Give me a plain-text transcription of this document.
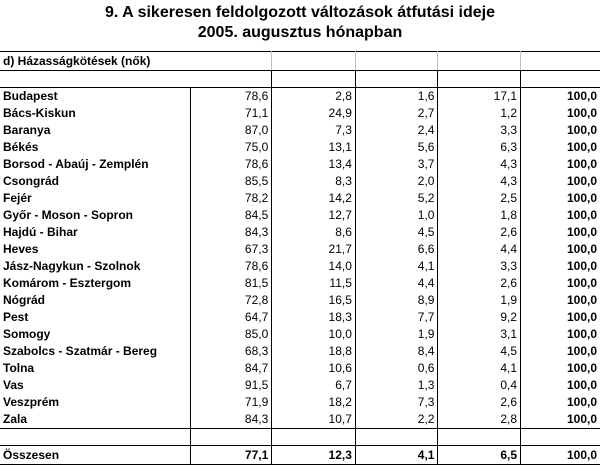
9. A sikeresen feldolgozott változások átfutási ideje
2005. augusztus hónapban
d) Házasságkötések (nők)					

Budapest	78,6	2,8	1,6	17,1	100,0
Bács-Kiskun	71,1	24,9	2,7	1,2	100,0
Baranya	87,0	7,3	2,4	3,3	100,0
Békés	75,0	13,1	5,6	6,3	100,0
Borsod - Abaúj - Zemplén	78,6	13,4	3,7	4,3	100,0
Csongrád	85,5	8,3	2,0	4,3	100,0
Fejér	78,2	14,2	5,2	2,5	100,0
Győr - Moson - Sopron	84,5	12,7	1,0	1,8	100,0
Hajdú - Bihar	84,3	8,6	4,5	2,6	100,0
Heves	67,3	21,7	6,6	4,4	100,0
Jász-Nagykun - Szolnok	78,6	14,0	4,1	3,3	100,0
Komárom - Esztergom	81,5	11,5	4,4	2,6	100,0
Nógrád	72,8	16,5	8,9	1,9	100,0
Pest	64,7	18,3	7,7	9,2	100,0
Somogy	85,0	10,0	1,9	3,1	100,0
Szabolcs - Szatmár - Bereg	68,3	18,8	8,4	4,5	100,0
Tolna	84,7	10,6	0,6	4,1	100,0
Vas	91,5	6,7	1,3	0,4	100,0
Veszprém	71,9	18,2	7,3	2,6	100,0
Zala	84,3	10,7	2,2	2,8	100,0

Összesen	77,1	12,3	4,1	6,5	100,0
